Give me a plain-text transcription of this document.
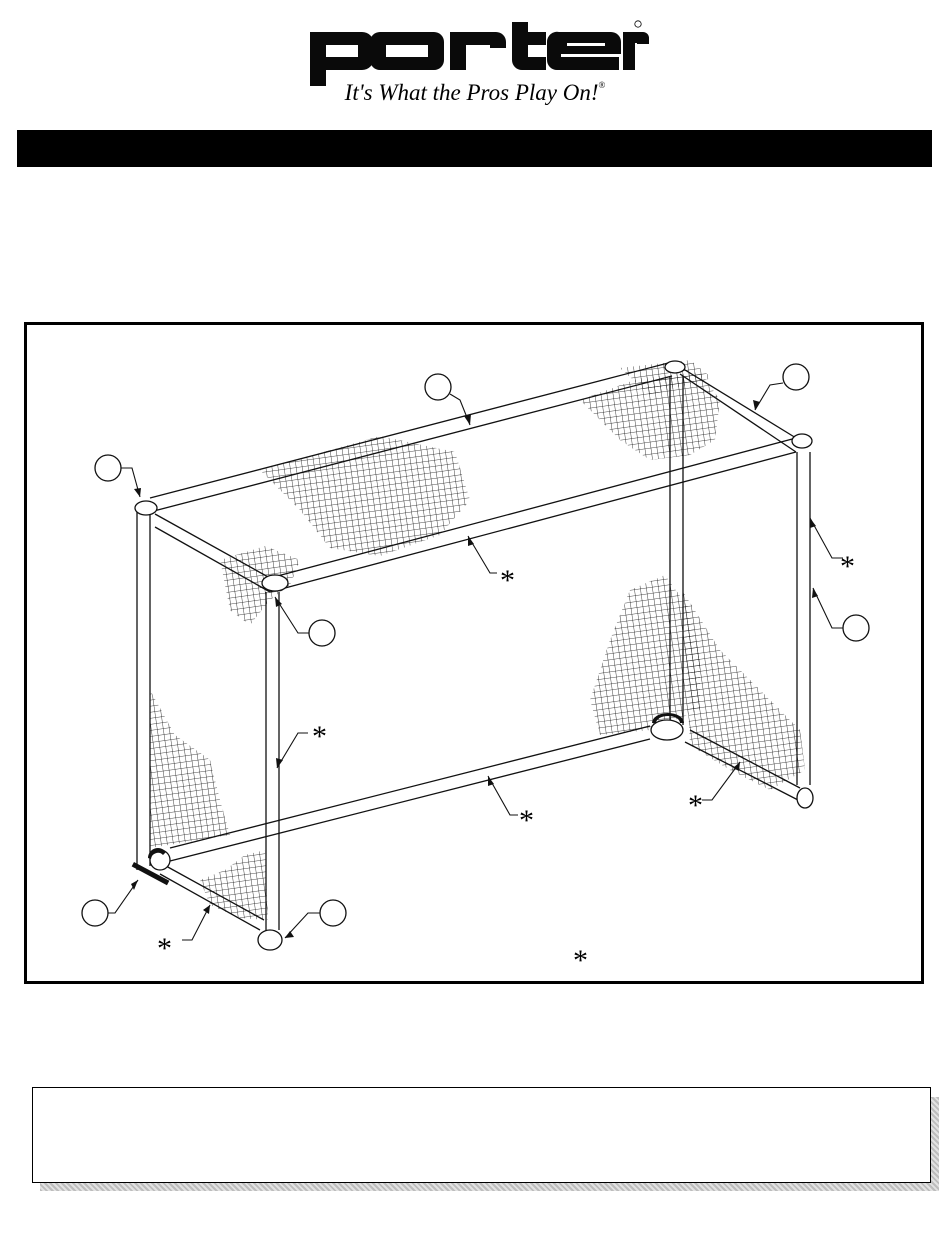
It's What the Pros Play On!®
*	*
*
*	*
*	*
